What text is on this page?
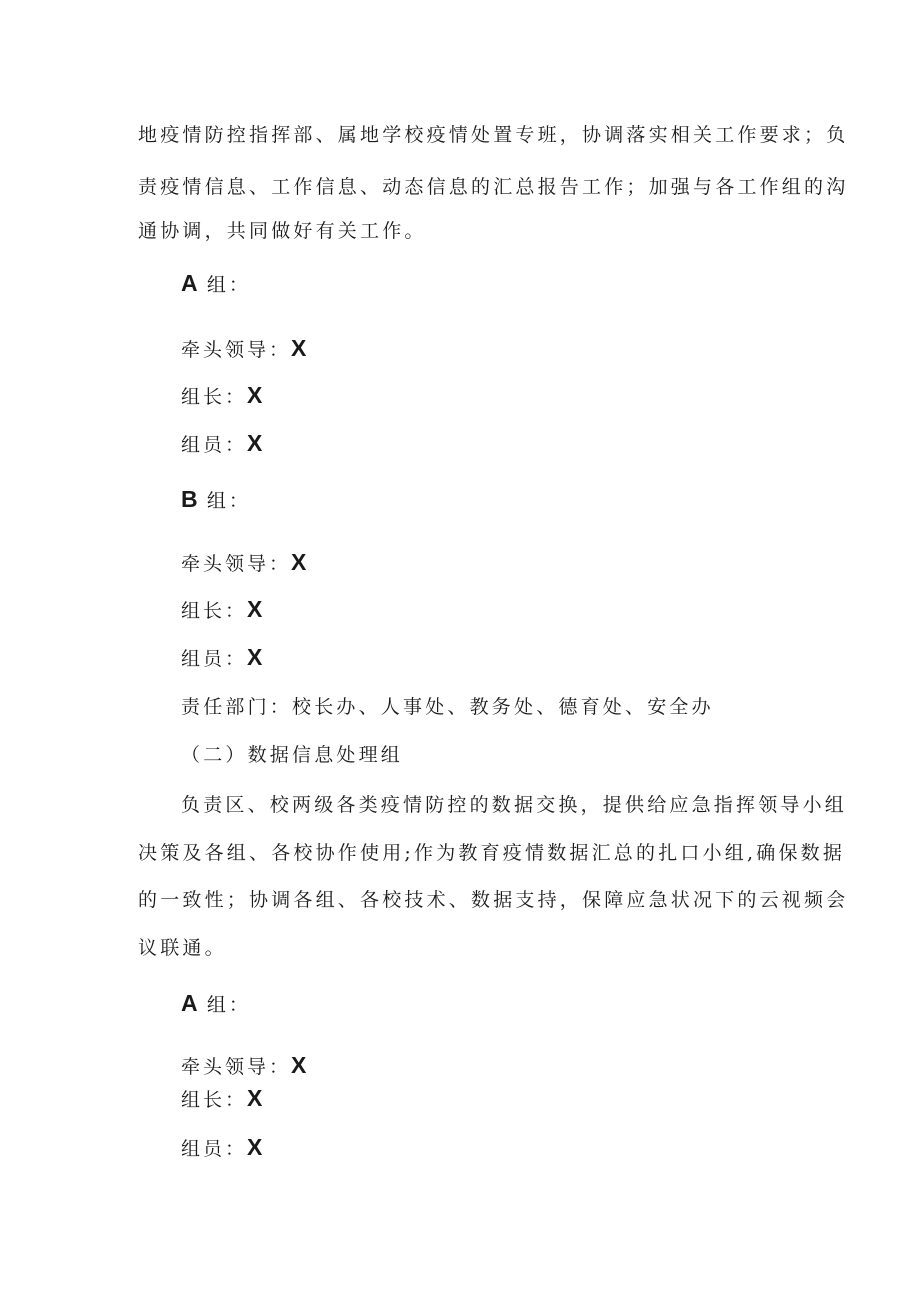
地疫情防控指挥部、属地学校疫情处置专班，协调落实相关工作要求；负
责疫情信息、工作信息、动态信息的汇总报告工作；加强与各工作组的沟
通协调，共同做好有关工作。
A 组：
牵头领导：X
组长：X
组员：X
B 组：
牵头领导：X
组长：X
组员：X
责任部门：校长办、人事处、教务处、德育处、安全办
（二）数据信息处理组
负责区、校两级各类疫情防控的数据交换，提供给应急指挥领导小组
决策及各组、各校协作使用;作为教育疫情数据汇总的扎口小组,确保数据
的一致性；协调各组、各校技术、数据支持，保障应急状况下的云视频会
议联通。
A 组：
牵头领导：X
组长：X
组员：X
